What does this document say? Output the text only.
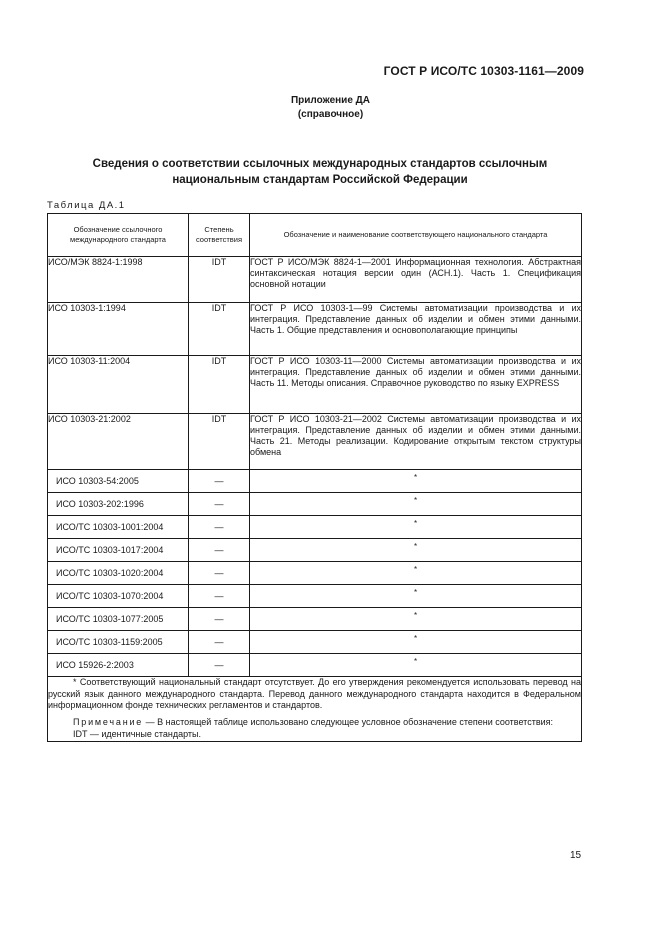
ГОСТ Р ИСО/ТС 10303-1161—2009
Приложение ДА
(справочное)
Сведения о соответствии ссылочных международных стандартов ссылочным национальным стандартам Российской Федерации
Таблица ДА.1
Обозначение ссылочного международного стандарта	Степень соответствия	Обозначение и наименование соответствующего национального стандарта
ИСО/МЭК 8824-1:1998	IDT	ГОСТ Р ИСО/МЭК 8824-1—2001 Информационная технология. Абстрактная синтаксическая нотация версии один (АСН.1). Часть 1. Спецификация основной нотации
ИСО 10303-1:1994	IDT	ГОСТ Р ИСО 10303-1—99 Системы автоматизации производства и их интеграция. Представление данных об изделии и обмен этими данными. Часть 1. Общие представления и основополагающие принципы
ИСО 10303-11:2004	IDT	ГОСТ Р ИСО 10303-11—2000 Системы автоматизации производства и их интеграция. Представление данных об изделии и обмен этими данными. Часть 11. Методы описания. Справочное руководство по языку EXPRESS
ИСО 10303-21:2002	IDT	ГОСТ Р ИСО 10303-21—2002 Системы автоматизации производства и их интеграция. Представление данных об изделии и обмен этими данными. Часть 21. Методы реализации. Кодирование открытым текстом структуры обмена
ИСО 10303-54:2005	—	*
ИСО 10303-202:1996	—	*
ИСО/ТС 10303-1001:2004	—	*
ИСО/ТС 10303-1017:2004	—	*
ИСО/ТС 10303-1020:2004	—	*
ИСО/ТС 10303-1070:2004	—	*
ИСО/ТС 10303-1077:2005	—	*
ИСО/ТС 10303-1159:2005	—	*
ИСО 15926-2:2003	—	*

* Соответствующий национальный стандарт отсутствует. До его утверждения рекомендуется использовать перевод на русский язык данного международного стандарта. Перевод данного международного стандарта находится в Федеральном информационном фонде технических регламентов и стандартов.

Примечание — В настоящей таблице использовано следующее условное обозначение степени соответствия:

IDT — идентичные стандарты.		

15
